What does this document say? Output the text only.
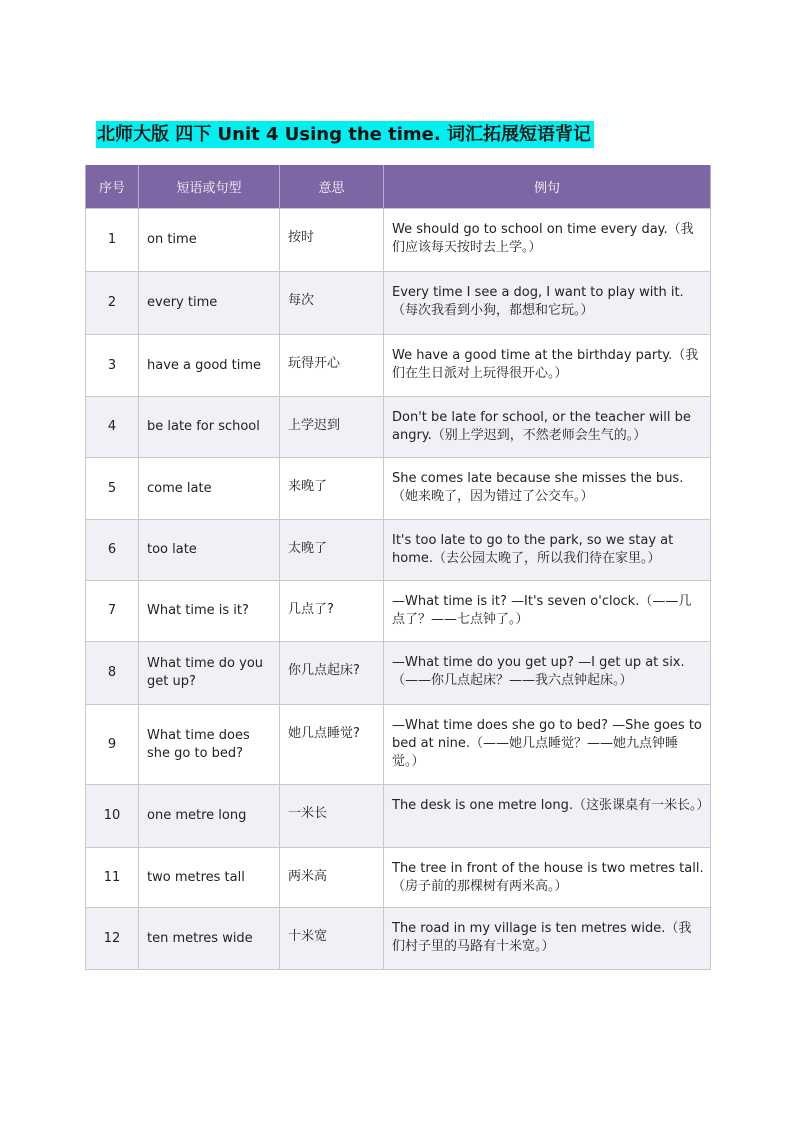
北师大版 四下 Unit 4 Using the time. 词汇拓展短语背记
序号	短语或句型	意思	例句
1	on time	按时	We should go to school on time every day.（我们应该每天按时去上学。）
2	every time	每次	Every time I see a dog, I want to play with it.（每次我看到小狗，都想和它玩。）
3	have a good time	玩得开心	We have a good time at the birthday party.（我们在生日派对上玩得很开心。）
4	be late for school	上学迟到	Don't be late for school, or the teacher will be angry.（别上学迟到，不然老师会生气的。）
5	come late	来晚了	She comes late because she misses the bus.（她来晚了，因为错过了公交车。）
6	too late	太晚了	It's too late to go to the park, so we stay at home.（去公园太晚了，所以我们待在家里。）
7	What time is it?	几点了?	—What time is it? —It's seven o'clock.（——几点了？——七点钟了。）
8	What time do you get up?	你几点起床?	—What time do you get up? —I get up at six.（——你几点起床？——我六点钟起床。）
9	What time does she go to bed?	她几点睡觉?	—What time does she go to bed? —She goes to bed at nine.（——她几点睡觉？——她九点钟睡觉。）
10	one metre long	一米长	The desk is one metre long.（这张课桌有一米长。）
11	two metres tall	两米高	The tree in front of the house is two metres tall.（房子前的那棵树有两米高。）
12	ten metres wide	十米宽	The road in my village is ten metres wide.（我们村子里的马路有十米宽。）
